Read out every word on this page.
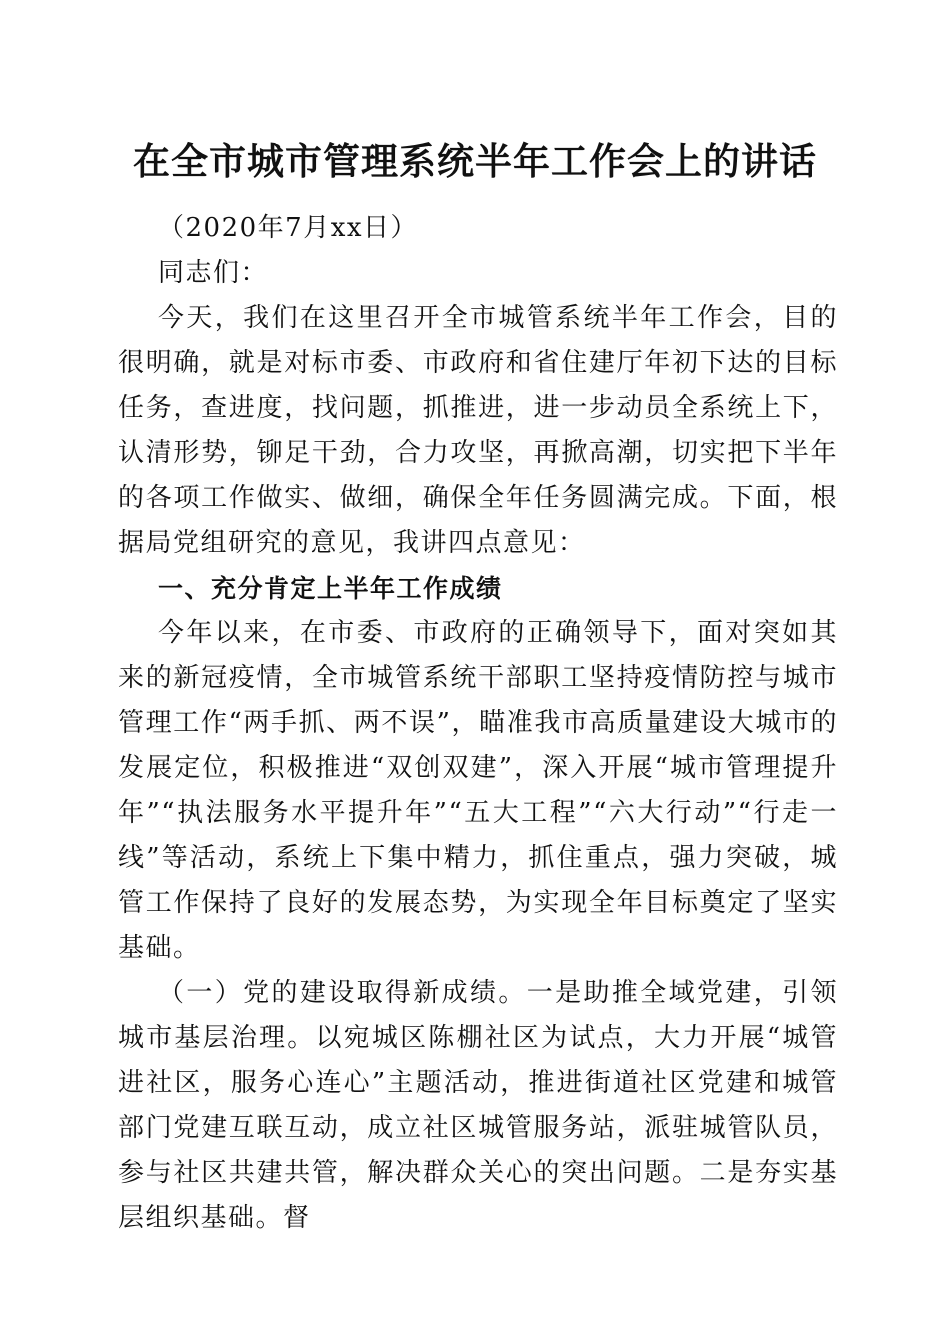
在全市城市管理系统半年工作会上的讲话

（2020年7月xx日）

同志们：

今天，我们在这里召开全市城管系统半年工作会，目的很明确，就是对标市委、市政府和省住建厅年初下达的目标任务，查进度，找问题，抓推进，进一步动员全系统上下，认清形势，铆足干劲，合力攻坚，再掀高潮，切实把下半年的各项工作做实、做细，确保全年任务圆满完成。下面，根据局党组研究的意见，我讲四点意见：

一、充分肯定上半年工作成绩

今年以来，在市委、市政府的正确领导下，面对突如其来的新冠疫情，全市城管系统干部职工坚持疫情防控与城市管理工作“两手抓、两不误”，瞄准我市高质量建设大城市的发展定位，积极推进“双创双建”，深入开展“城市管理提升年”“执法服务水平提升年”“五大工程”“六大行动”“行走一线”等活动，系统上下集中精力，抓住重点，强力突破，城管工作保持了良好的发展态势，为实现全年目标奠定了坚实基础。

（一）党的建设取得新成绩。一是助推全域党建，引领城市基层治理。以宛城区陈棚社区为试点，大力开展“城管进社区，服务心连心”主题活动，推进街道社区党建和城管部门党建互联互动，成立社区城管服务站，派驻城管队员，参与社区共建共管，解决群众关心的突出问题。二是夯实基层组织基础。督
